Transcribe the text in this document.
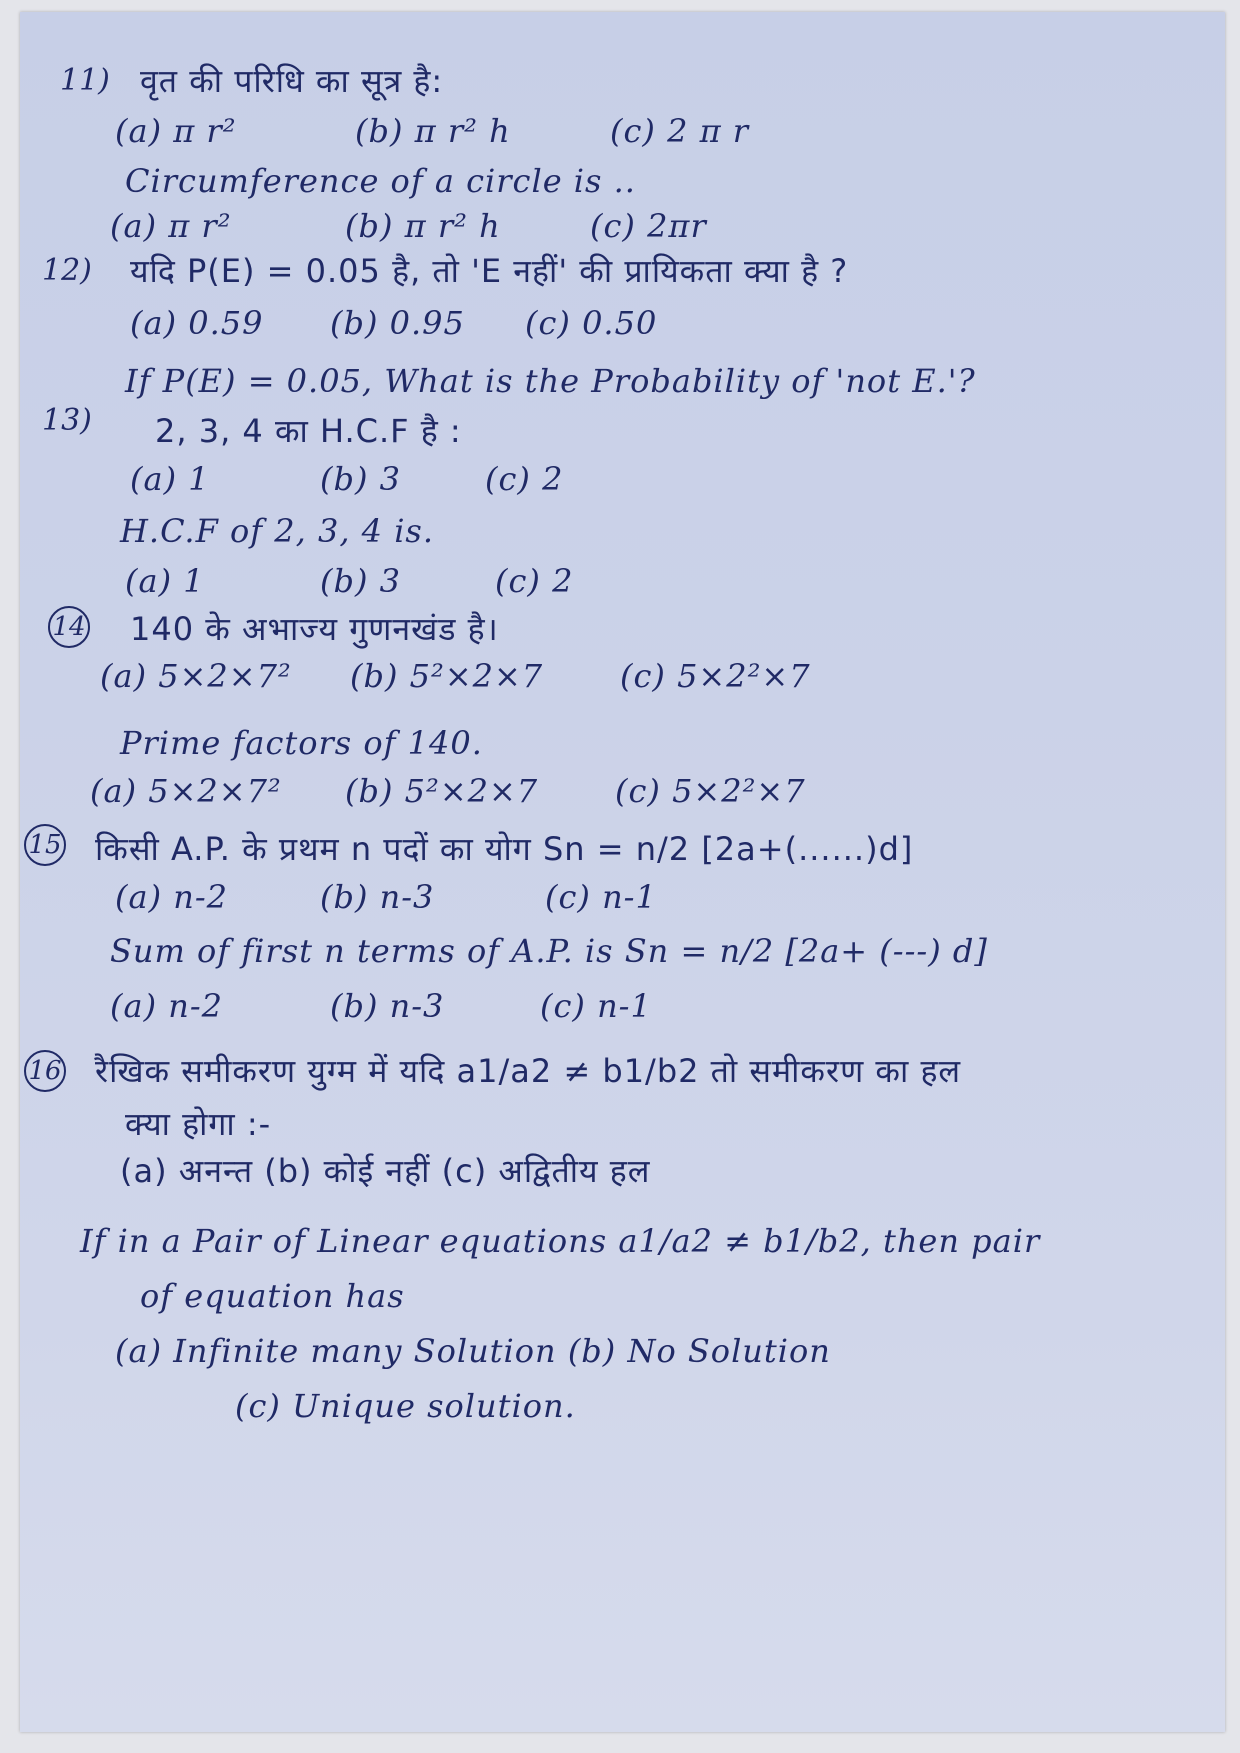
11) वृत की परिधि का सूत्र है:
(a) π r²	(b) π r² h	(c) 2 π r
Circumference of a circle is ..
(a) π r²	(b) π r² h	(c) 2πr
12) यदि P(E) = 0.05 है, तो 'E नहीं' की प्रायिकता क्या है ?
(a) 0.59 (b) 0.95 (c) 0.50
If P(E) = 0.05, What is the Probability of 'not E.'?
13) 2, 3, 4 का H.C.F है :
(a) 1	(b) 3	(c) 2
H.C.F of 2, 3, 4 is.
(a) 1	(b) 3	(c) 2
14 140 के अभाज्य गुणनखंड है।
(a) 5×2×7² (b) 5²×2×7 (c) 5×2²×7
Prime factors of 140.
(a) 5×2×7² (b) 5²×2×7 (c) 5×2²×7
15 किसी A.P. के प्रथम n पदों का योग Sn = n/2 [2a+(......)d]
(a) n-2	(b) n-3	(c) n-1
Sum of first n terms of A.P. is Sn = n/2 [2a+ (---) d]
(a) n-2	(b) n-3	(c) n-1
16 रैखिक समीकरण युग्म में यदि a1/a2 ≠ b1/b2 तो समीकरण का हल
क्या होगा :-
(a) अनन्त (b) कोई नहीं (c) अद्वितीय हल
If in a Pair of Linear equations a1/a2 ≠ b1/b2, then pair
of equation has
(a) Infinite many Solution (b) No Solution
(c) Unique solution.
